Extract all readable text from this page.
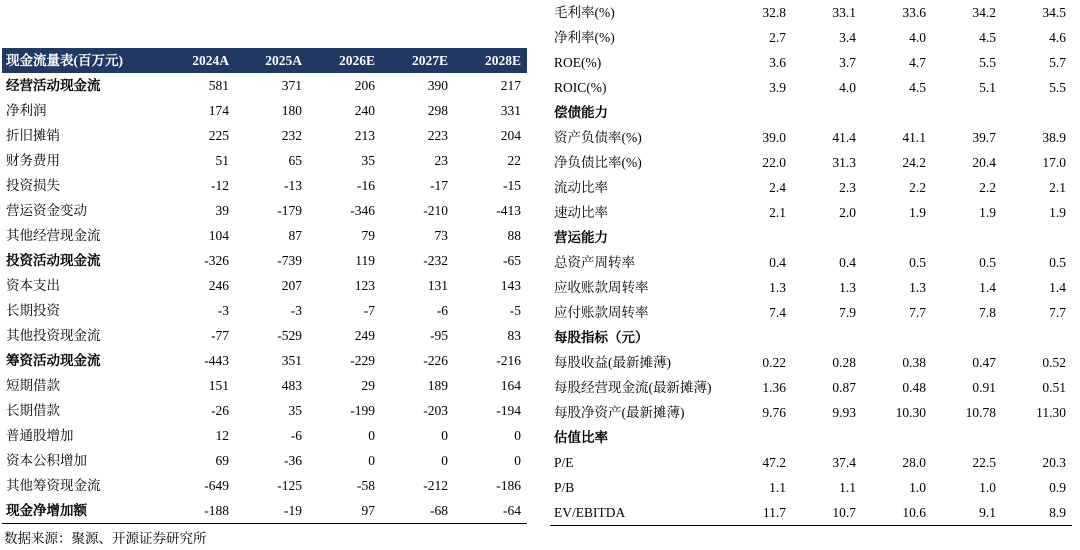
现金流量表(百万元)	2024A	2025A	2026E	2027E	2028E
经营活动现金流	581	371	206	390	217
净利润	174	180	240	298	331
折旧摊销	225	232	213	223	204
财务费用	51	65	35	23	22
投资损失	-12	-13	-16	-17	-15
营运资金变动	39	-179	-346	-210	-413
其他经营现金流	104	87	79	73	88
投资活动现金流	-326	-739	119	-232	-65
资本支出	246	207	123	131	143
长期投资	-3	-3	-7	-6	-5
其他投资现金流	-77	-529	249	-95	83
筹资活动现金流	-443	351	-229	-226	-216
短期借款	151	483	29	189	164
长期借款	-26	35	-199	-203	-194
普通股增加	12	-6	0	0	0
资本公积增加	69	-36	0	0	0
其他筹资现金流	-649	-125	-58	-212	-186
现金净增加额	-188	-19	97	-68	-64
毛利率(%)	32.8	33.1	33.6	34.2	34.5
净利率(%)	2.7	3.4	4.0	4.5	4.6
ROE(%)	3.6	3.7	4.7	5.5	5.7
ROIC(%)	3.9	4.0	4.5	5.1	5.5
偿债能力					
资产负债率(%)	39.0	41.4	41.1	39.7	38.9
净负债比率(%)	22.0	31.3	24.2	20.4	17.0
流动比率	2.4	2.3	2.2	2.2	2.1
速动比率	2.1	2.0	1.9	1.9	1.9
营运能力					
总资产周转率	0.4	0.4	0.5	0.5	0.5
应收账款周转率	1.3	1.3	1.3	1.4	1.4
应付账款周转率	7.4	7.9	7.7	7.8	7.7
每股指标（元）					
每股收益(最新摊薄)	0.22	0.28	0.38	0.47	0.52
每股经营现金流(最新摊薄)	1.36	0.87	0.48	0.91	0.51
每股净资产(最新摊薄)	9.76	9.93	10.30	10.78	11.30
估值比率					
P/E	47.2	37.4	28.0	22.5	20.3
P/B	1.1	1.1	1.0	1.0	0.9
EV/EBITDA	11.7	10.7	10.6	9.1	8.9
数据来源：聚源、开源证券研究所
